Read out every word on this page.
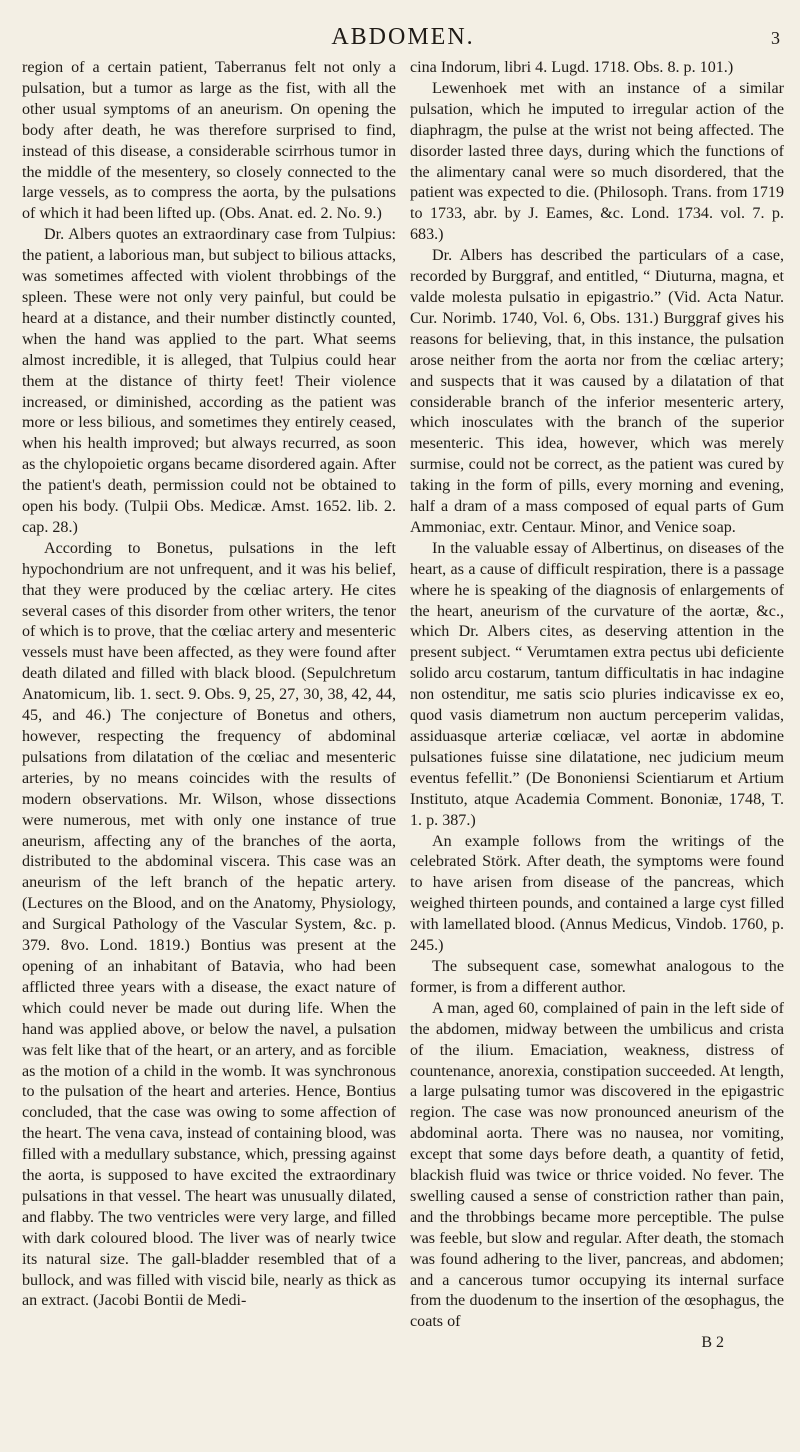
ABDOMEN.	3

region of a certain patient, Taberranus felt not only a pulsation, but a tumor as large as the fist, with all the other usual symptoms of an aneurism. On opening the body after death, he was therefore surprised to find, instead of this disease, a considerable scirrhous tumor in the middle of the mesentery, so closely connected to the large vessels, as to compress the aorta, by the pulsations of which it had been lifted up. (Obs. Anat. ed. 2. No. 9.)

Dr. Albers quotes an extraordinary case from Tulpius: the patient, a laborious man, but subject to bilious attacks, was sometimes affected with violent throbbings of the spleen. These were not only very painful, but could be heard at a distance, and their number distinctly counted, when the hand was applied to the part. What seems almost incredible, it is alleged, that Tulpius could hear them at the distance of thirty feet! Their violence increased, or diminished, according as the patient was more or less bilious, and sometimes they entirely ceased, when his health improved; but always recurred, as soon as the chylopoietic organs became disordered again. After the patient's death, permission could not be obtained to open his body. (Tulpii Obs. Medicæ. Amst. 1652. lib. 2. cap. 28.)

According to Bonetus, pulsations in the left hypochondrium are not unfrequent, and it was his belief, that they were produced by the cœliac artery. He cites several cases of this disorder from other writers, the tenor of which is to prove, that the cœliac artery and mesenteric vessels must have been affected, as they were found after death dilated and filled with black blood. (Sepulchretum Anatomicum, lib. 1. sect. 9. Obs. 9, 25, 27, 30, 38, 42, 44, 45, and 46.) The conjecture of Bonetus and others, however, respecting the frequency of abdominal pulsations from dilatation of the cœliac and mesenteric arteries, by no means coincides with the results of modern observations. Mr. Wilson, whose dissections were numerous, met with only one instance of true aneurism, affecting any of the branches of the aorta, distributed to the abdominal viscera. This case was an aneurism of the left branch of the hepatic artery. (Lectures on the Blood, and on the Anatomy, Physiology, and Surgical Pathology of the Vascular System, &c. p. 379. 8vo. Lond. 1819.) Bontius was present at the opening of an inhabitant of Batavia, who had been afflicted three years with a disease, the exact nature of which could never be made out during life. When the hand was applied above, or below the navel, a pulsation was felt like that of the heart, or an artery, and as forcible as the motion of a child in the womb. It was synchronous to the pulsation of the heart and arteries. Hence, Bontius concluded, that the case was owing to some affection of the heart. The vena cava, instead of containing blood, was filled with a medullary substance, which, pressing against the aorta, is supposed to have excited the extraordinary pulsations in that vessel. The heart was unusually dilated, and flabby. The two ventricles were very large, and filled with dark coloured blood. The liver was of nearly twice its natural size. The gall-bladder resembled that of a bullock, and was filled with viscid bile, nearly as thick as an extract. (Jacobi Bontii de Medi-

cina Indorum, libri 4. Lugd. 1718. Obs. 8. p. 101.)

Lewenhoek met with an instance of a similar pulsation, which he imputed to irregular action of the diaphragm, the pulse at the wrist not being affected. The disorder lasted three days, during which the functions of the alimentary canal were so much disordered, that the patient was expected to die. (Philosoph. Trans. from 1719 to 1733, abr. by J. Eames, &c. Lond. 1734. vol. 7. p. 683.)

Dr. Albers has described the particulars of a case, recorded by Burggraf, and entitled, “ Diuturna, magna, et valde molesta pulsatio in epigastrio.” (Vid. Acta Natur. Cur. Norimb. 1740, Vol. 6, Obs. 131.) Burggraf gives his reasons for believing, that, in this instance, the pulsation arose neither from the aorta nor from the cœliac artery; and suspects that it was caused by a dilatation of that considerable branch of the inferior mesenteric artery, which inosculates with the branch of the superior mesenteric. This idea, however, which was merely surmise, could not be correct, as the patient was cured by taking in the form of pills, every morning and evening, half a dram of a mass composed of equal parts of Gum Ammoniac, extr. Centaur. Minor, and Venice soap.

In the valuable essay of Albertinus, on diseases of the heart, as a cause of difficult respiration, there is a passage where he is speaking of the diagnosis of enlargements of the heart, aneurism of the curvature of the aortæ, &c., which Dr. Albers cites, as deserving attention in the present subject. “ Verumtamen extra pectus ubi deficiente solido arcu costarum, tantum difficultatis in hac indagine non ostenditur, me satis scio pluries indicavisse ex eo, quod vasis diametrum non auctum perceperim validas, assiduasque arteriæ cœliacæ, vel aortæ in abdomine pulsationes fuisse sine dilatatione, nec judicium meum eventus fefellit.” (De Bononiensi Scientiarum et Artium Instituto, atque Academia Comment. Bononiæ, 1748, T. 1. p. 387.)

An example follows from the writings of the celebrated Störk. After death, the symptoms were found to have arisen from disease of the pancreas, which weighed thirteen pounds, and contained a large cyst filled with lamellated blood. (Annus Medicus, Vindob. 1760, p. 245.)

The subsequent case, somewhat analogous to the former, is from a different author.

A man, aged 60, complained of pain in the left side of the abdomen, midway between the umbilicus and crista of the ilium. Emaciation, weakness, distress of countenance, anorexia, constipation succeeded. At length, a large pulsating tumor was discovered in the epigastric region. The case was now pronounced aneurism of the abdominal aorta. There was no nausea, nor vomiting, except that some days before death, a quantity of fetid, blackish fluid was twice or thrice voided. No fever. The swelling caused a sense of constriction rather than pain, and the throbbings became more perceptible. The pulse was feeble, but slow and regular. After death, the stomach was found adhering to the liver, pancreas, and abdomen; and a cancerous tumor occupying its internal surface from the duodenum to the insertion of the œsophagus, the coats of

B 2
